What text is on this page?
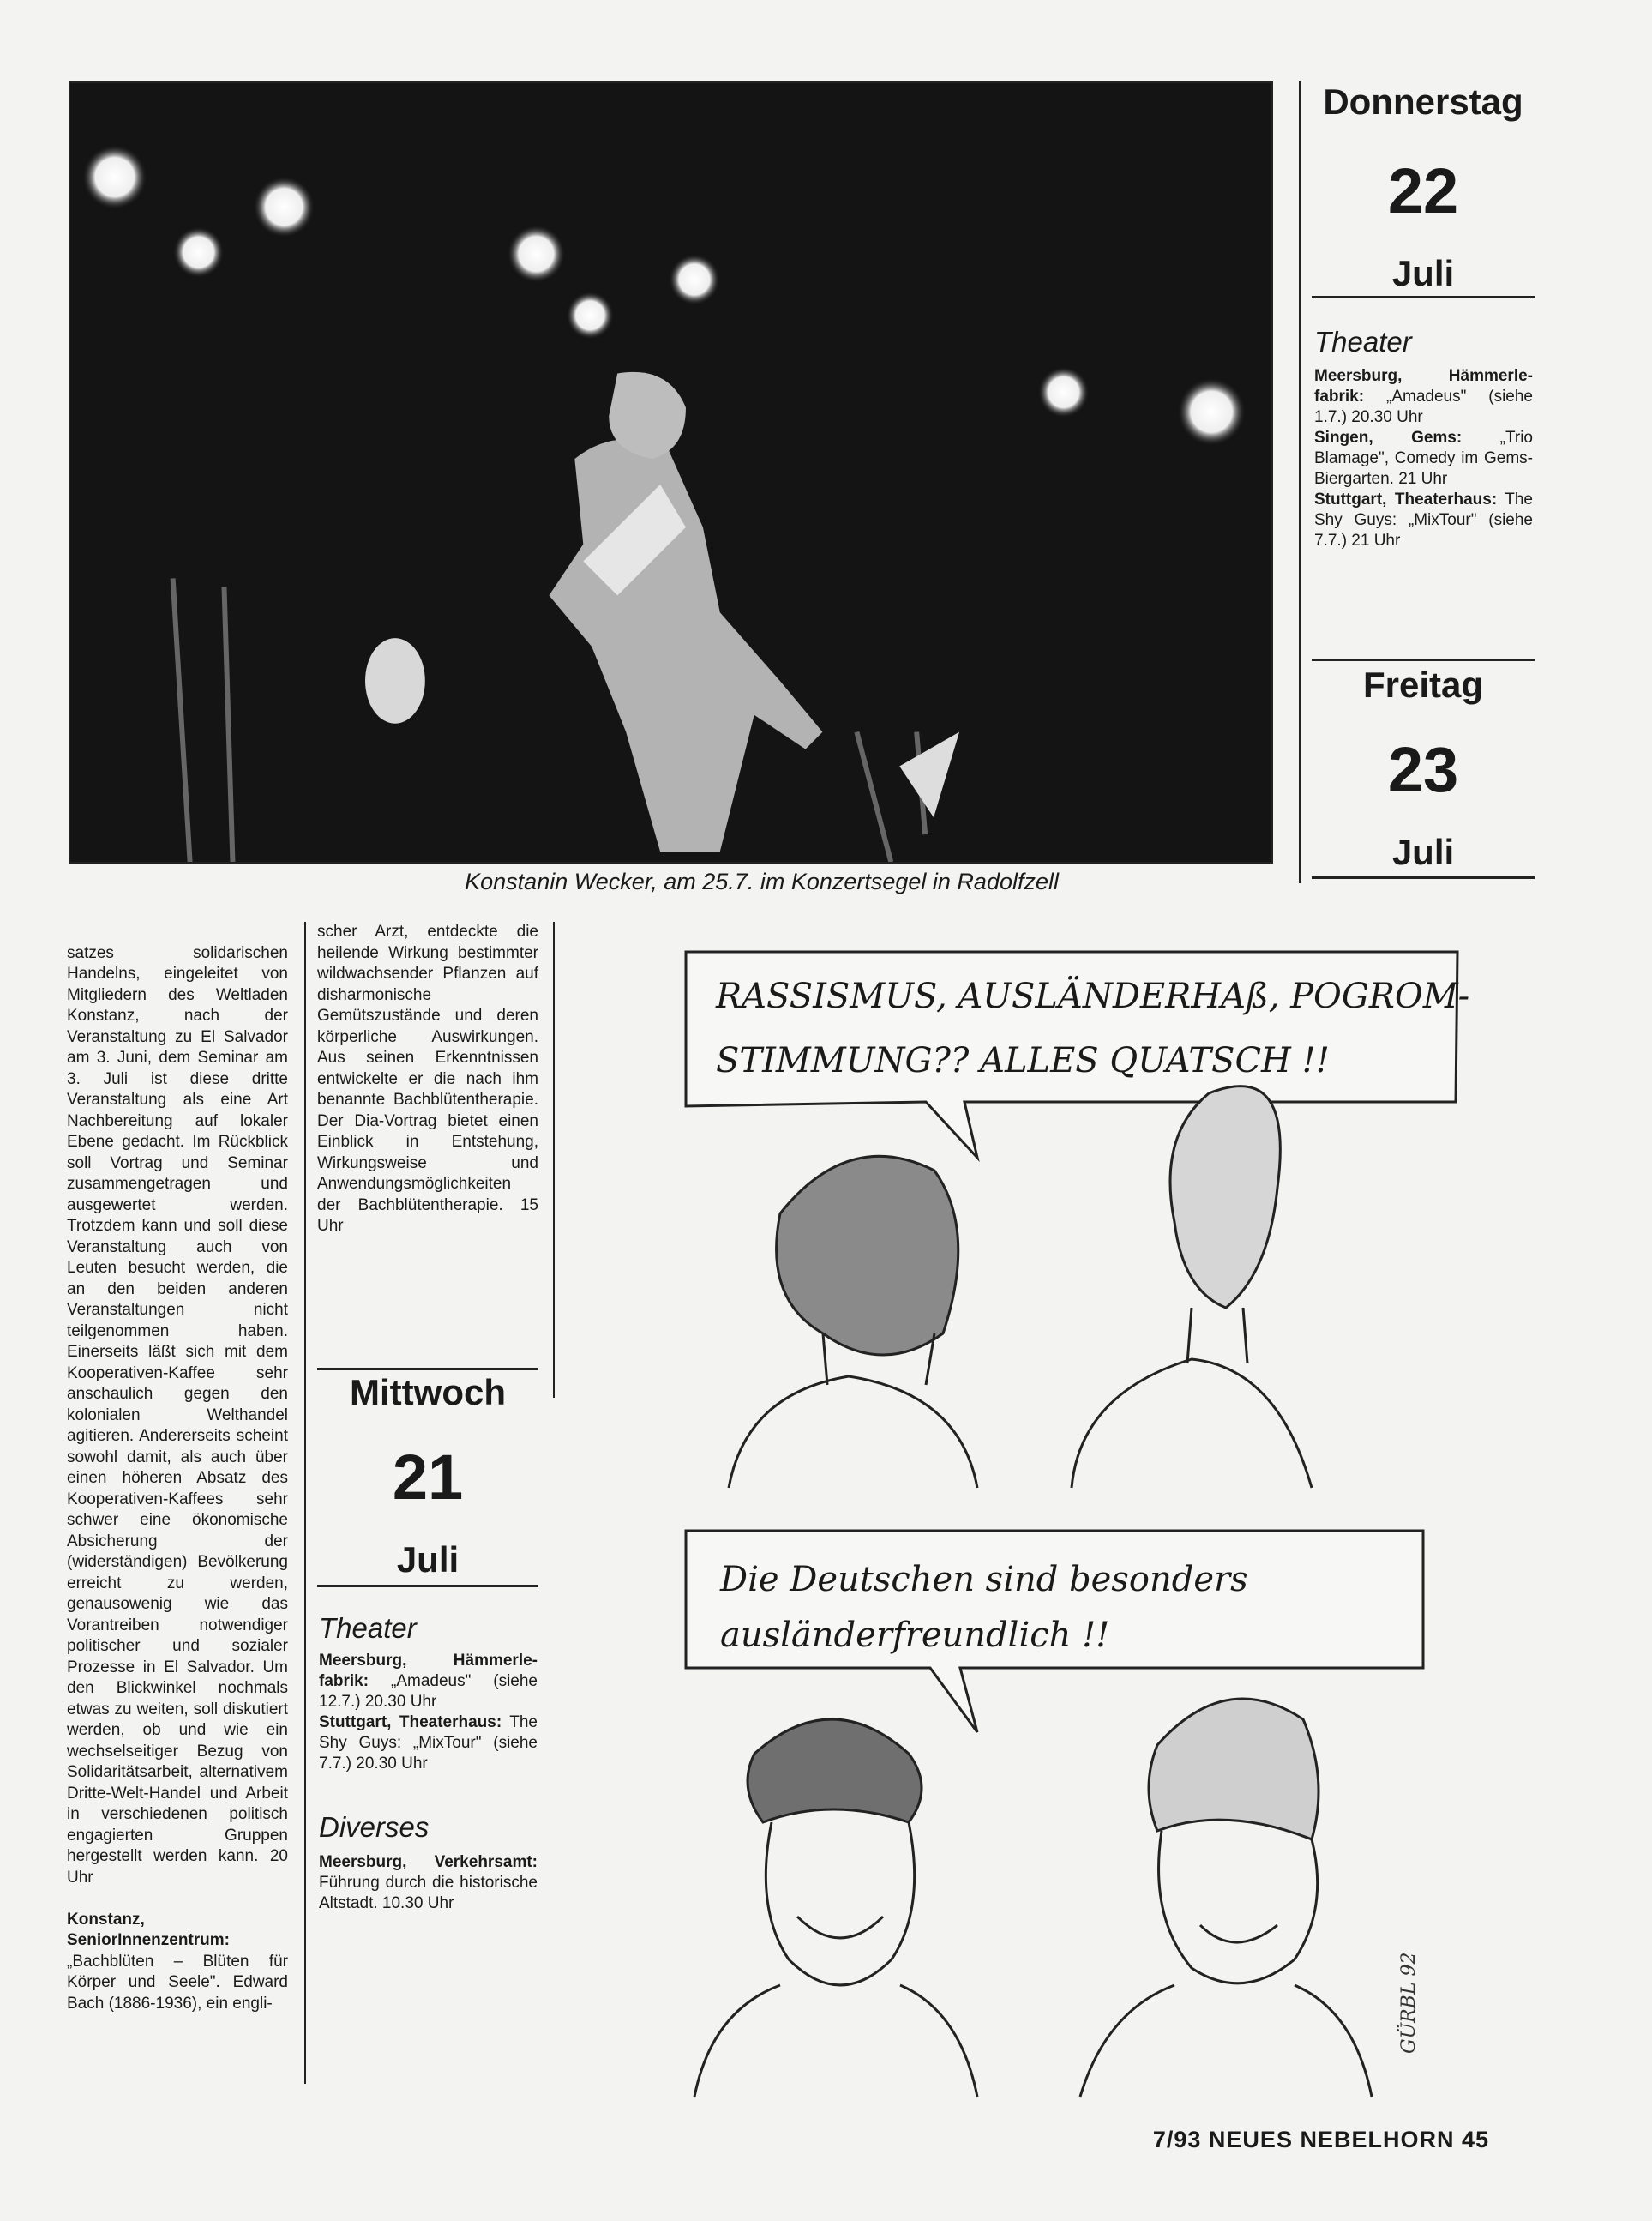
Konstanin Wecker, am 25.7. im Konzertsegel in Radolfzell
Donnerstag
22
Juli
Theater
Meersburg, Hämmerle-fabrik: „Amadeus" (siehe 1.7.) 20.30 Uhr
Singen, Gems: „Trio Blamage", Comedy im Gems-Biergarten. 21 Uhr
Stuttgart, Theaterhaus: The Shy Guys: „MixTour" (siehe 7.7.) 21 Uhr
Freitag
23
Juli

satzes solidarischen Handelns, eingeleitet von Mitgliedern des Weltladen Konstanz, nach der Veranstaltung zu El Salvador am 3. Juni, dem Seminar am 3. Juli ist diese dritte Veranstaltung als eine Art Nachbereitung auf lokaler Ebene gedacht. Im Rückblick soll Vortrag und Seminar zusammengetragen und ausgewertet werden. Trotzdem kann und soll diese Veranstaltung auch von Leuten besucht werden, die an den beiden anderen Veranstaltungen nicht teilgenommen haben. Einerseits läßt sich mit dem Kooperativen-Kaffee sehr anschaulich gegen den kolonialen Welthandel agitieren. Andererseits scheint sowohl damit, als auch über einen höheren Absatz des Kooperativen-Kaffees sehr schwer eine ökonomische Absicherung der (widerständigen) Bevölkerung erreicht zu werden, genausowenig wie das Vorantreiben notwendiger politischer und sozialer Prozesse in El Salvador. Um den Blickwinkel nochmals etwas zu weiten, soll diskutiert werden, ob und wie ein wechselseitiger Bezug von Solidaritätsarbeit, alternativem Dritte-Welt-Handel und Arbeit in verschiedenen politisch engagierten Gruppen hergestellt werden kann. 20 Uhr

Konstanz, SeniorInnenzentrum: „Bachblüten – Blüten für Körper und Seele". Edward Bach (1886-1936), ein engli-

scher Arzt, entdeckte die heilende Wirkung bestimmter wildwachsender Pflanzen auf disharmonische Gemütszustände und deren körperliche Auswirkungen. Aus seinen Erkenntnissen entwickelte er die nach ihm benannte Bachblütentherapie. Der Dia-Vortrag bietet einen Einblick in Entstehung, Wirkungsweise und Anwendungsmöglichkeiten der Bachblütentherapie. 15 Uhr
Mittwoch
21
Juli
Theater
Meersburg, Hämmerle-fabrik: „Amadeus" (siehe 12.7.) 20.30 Uhr
Stuttgart, Theaterhaus: The Shy Guys: „MixTour" (siehe 7.7.) 20.30 Uhr
Diverses
Meersburg, Verkehrsamt: Führung durch die historische Altstadt. 10.30 Uhr
RASSISMUS, AUSLÄNDERHAß, POGROM-
STIMMUNG?? ALLES QUATSCH !!
Die Deutschen sind besonders
ausländerfreundlich !!
GÜRBL 92
7/93 NEUES NEBELHORN 45
